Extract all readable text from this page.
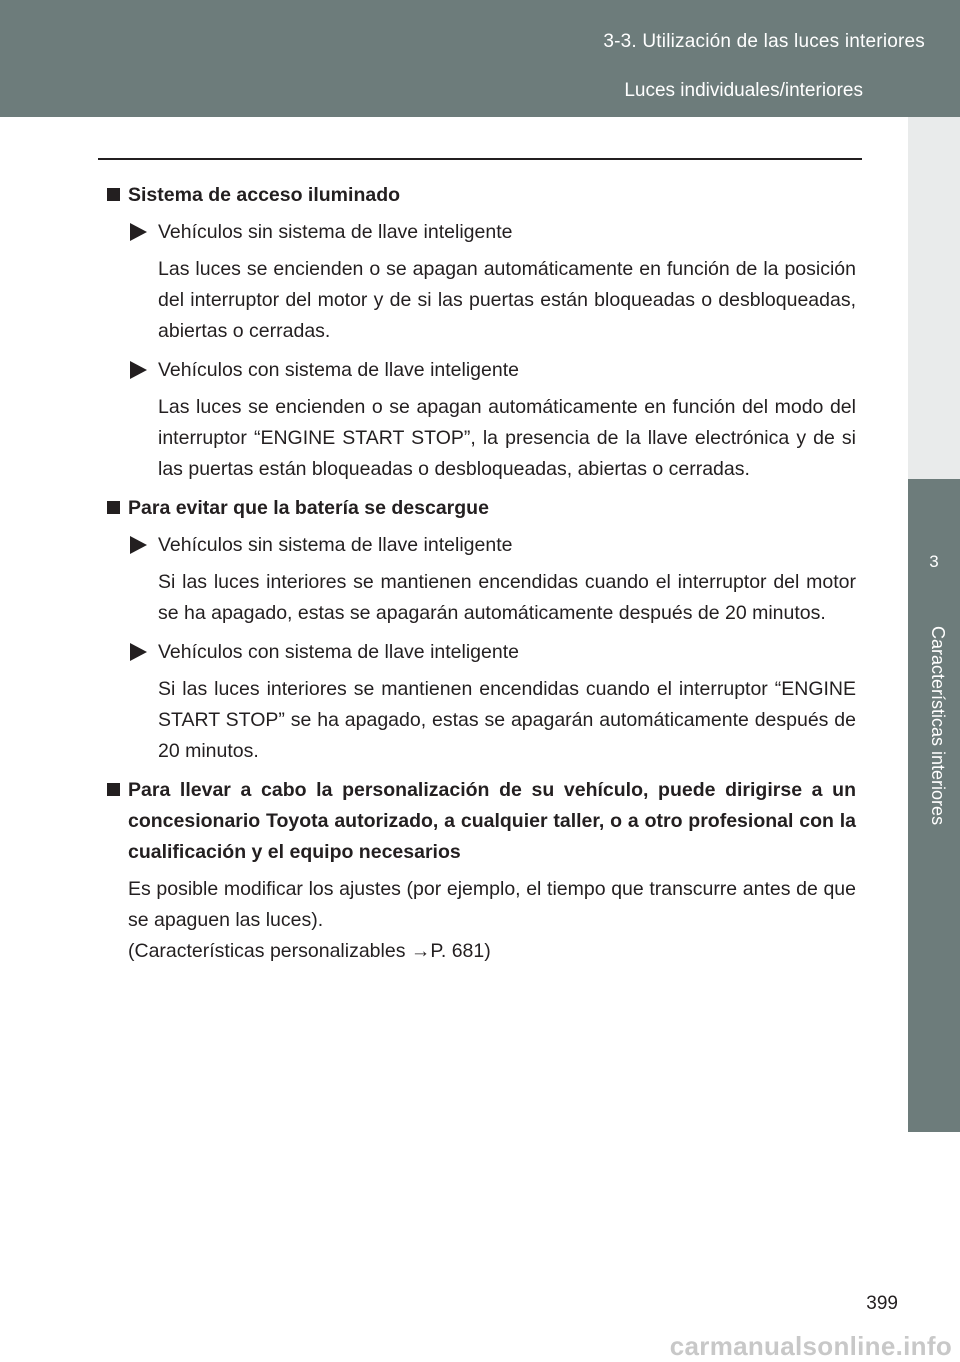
3-3. Utilización de las luces interiores
Luces individuales/interiores
3
Características interiores
Sistema de acceso iluminado
Vehículos sin sistema de llave inteligente
Las luces se encienden o se apagan automáticamente en función de la posición del interruptor del motor y de si las puertas están bloqueadas o desbloqueadas, abiertas o cerradas.
Vehículos con sistema de llave inteligente
Las luces se encienden o se apagan automáticamente en función del modo del interruptor “ENGINE START STOP”, la presencia de la llave electrónica y de si las puertas están bloqueadas o desbloqueadas, abiertas o cerradas.
Para evitar que la batería se descargue
Vehículos sin sistema de llave inteligente
Si las luces interiores se mantienen encendidas cuando el interruptor del motor se ha apagado, estas se apagarán automáticamente después de 20 minutos.
Vehículos con sistema de llave inteligente
Si las luces interiores se mantienen encendidas cuando el interruptor “ENGINE START STOP” se ha apagado, estas se apagarán automáticamente después de 20 minutos.
Para llevar a cabo la personalización de su vehículo, puede dirigirse a un concesionario Toyota autorizado, a cualquier taller, o a otro profesional con la cualificación y el equipo necesarios
Es posible modificar los ajustes (por ejemplo, el tiempo que transcurre antes de que se apaguen las luces).
(Características personalizables →P. 681)
399
carmanualsonline.info
